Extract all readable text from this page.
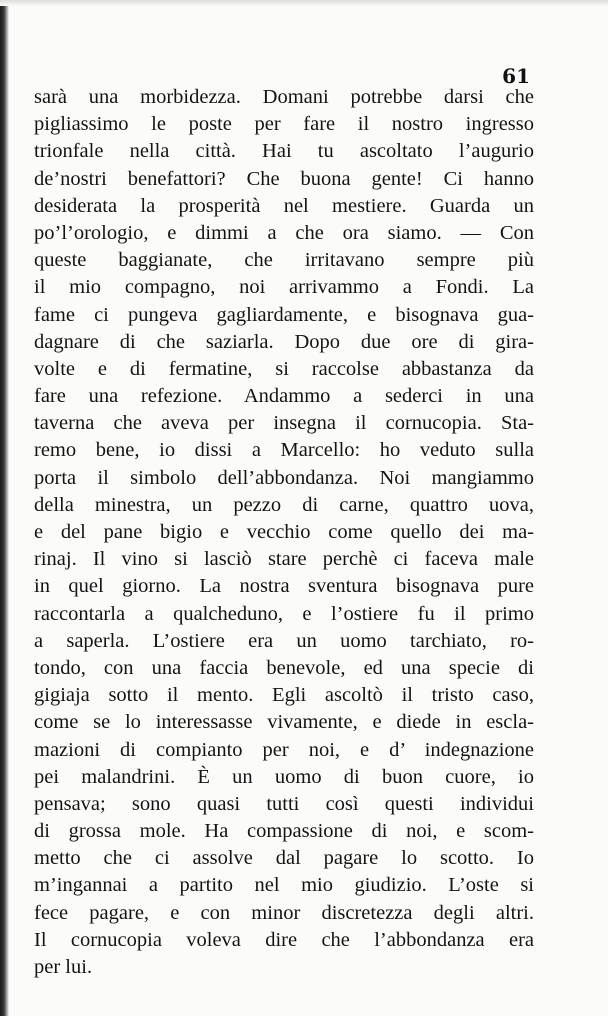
61
sarà una morbidezza. Domani potrebbe darsi che
pigliassimo le poste per fare il nostro ingresso
trionfale nella città. Hai tu ascoltato l’augurio
de’nostri benefattori? Che buona gente! Ci hanno
desiderata la prosperità nel mestiere. Guarda un
po’l’orologio, e dimmi a che ora siamo. — Con
queste baggianate, che irritavano sempre più
il mio compagno, noi arrivammo a Fondi. La
fame ci pungeva gagliardamente, e bisognava gua-
dagnare di che saziarla. Dopo due ore di gira-
volte e di fermatine, si raccolse abbastanza da
fare una refezione. Andammo a sederci in una
taverna che aveva per insegna il cornucopia. Sta-
remo bene, io dissi a Marcello: ho veduto sulla
porta il simbolo dell’abbondanza. Noi mangiammo
della minestra, un pezzo di carne, quattro uova,
e del pane bigio e vecchio come quello dei ma-
rinaj. Il vino si lasciò stare perchè ci faceva male
in quel giorno. La nostra sventura bisognava pure
raccontarla a qualcheduno, e l’ostiere fu il primo
a saperla. L’ostiere era un uomo tarchiato, ro-
tondo, con una faccia benevole, ed una specie di
gigiaja sotto il mento. Egli ascoltò il tristo caso,
come se lo interessasse vivamente, e diede in escla-
mazioni di compianto per noi, e d’ indegnazione
pei malandrini. È un uomo di buon cuore, io
pensava; sono quasi tutti così questi individui
di grossa mole. Ha compassione di noi, e scom-
metto che ci assolve dal pagare lo scotto. Io
m’ingannai a partito nel mio giudizio. L’oste si
fece pagare, e con minor discretezza degli altri.
Il cornucopia voleva dire che l’abbondanza era
per lui.
